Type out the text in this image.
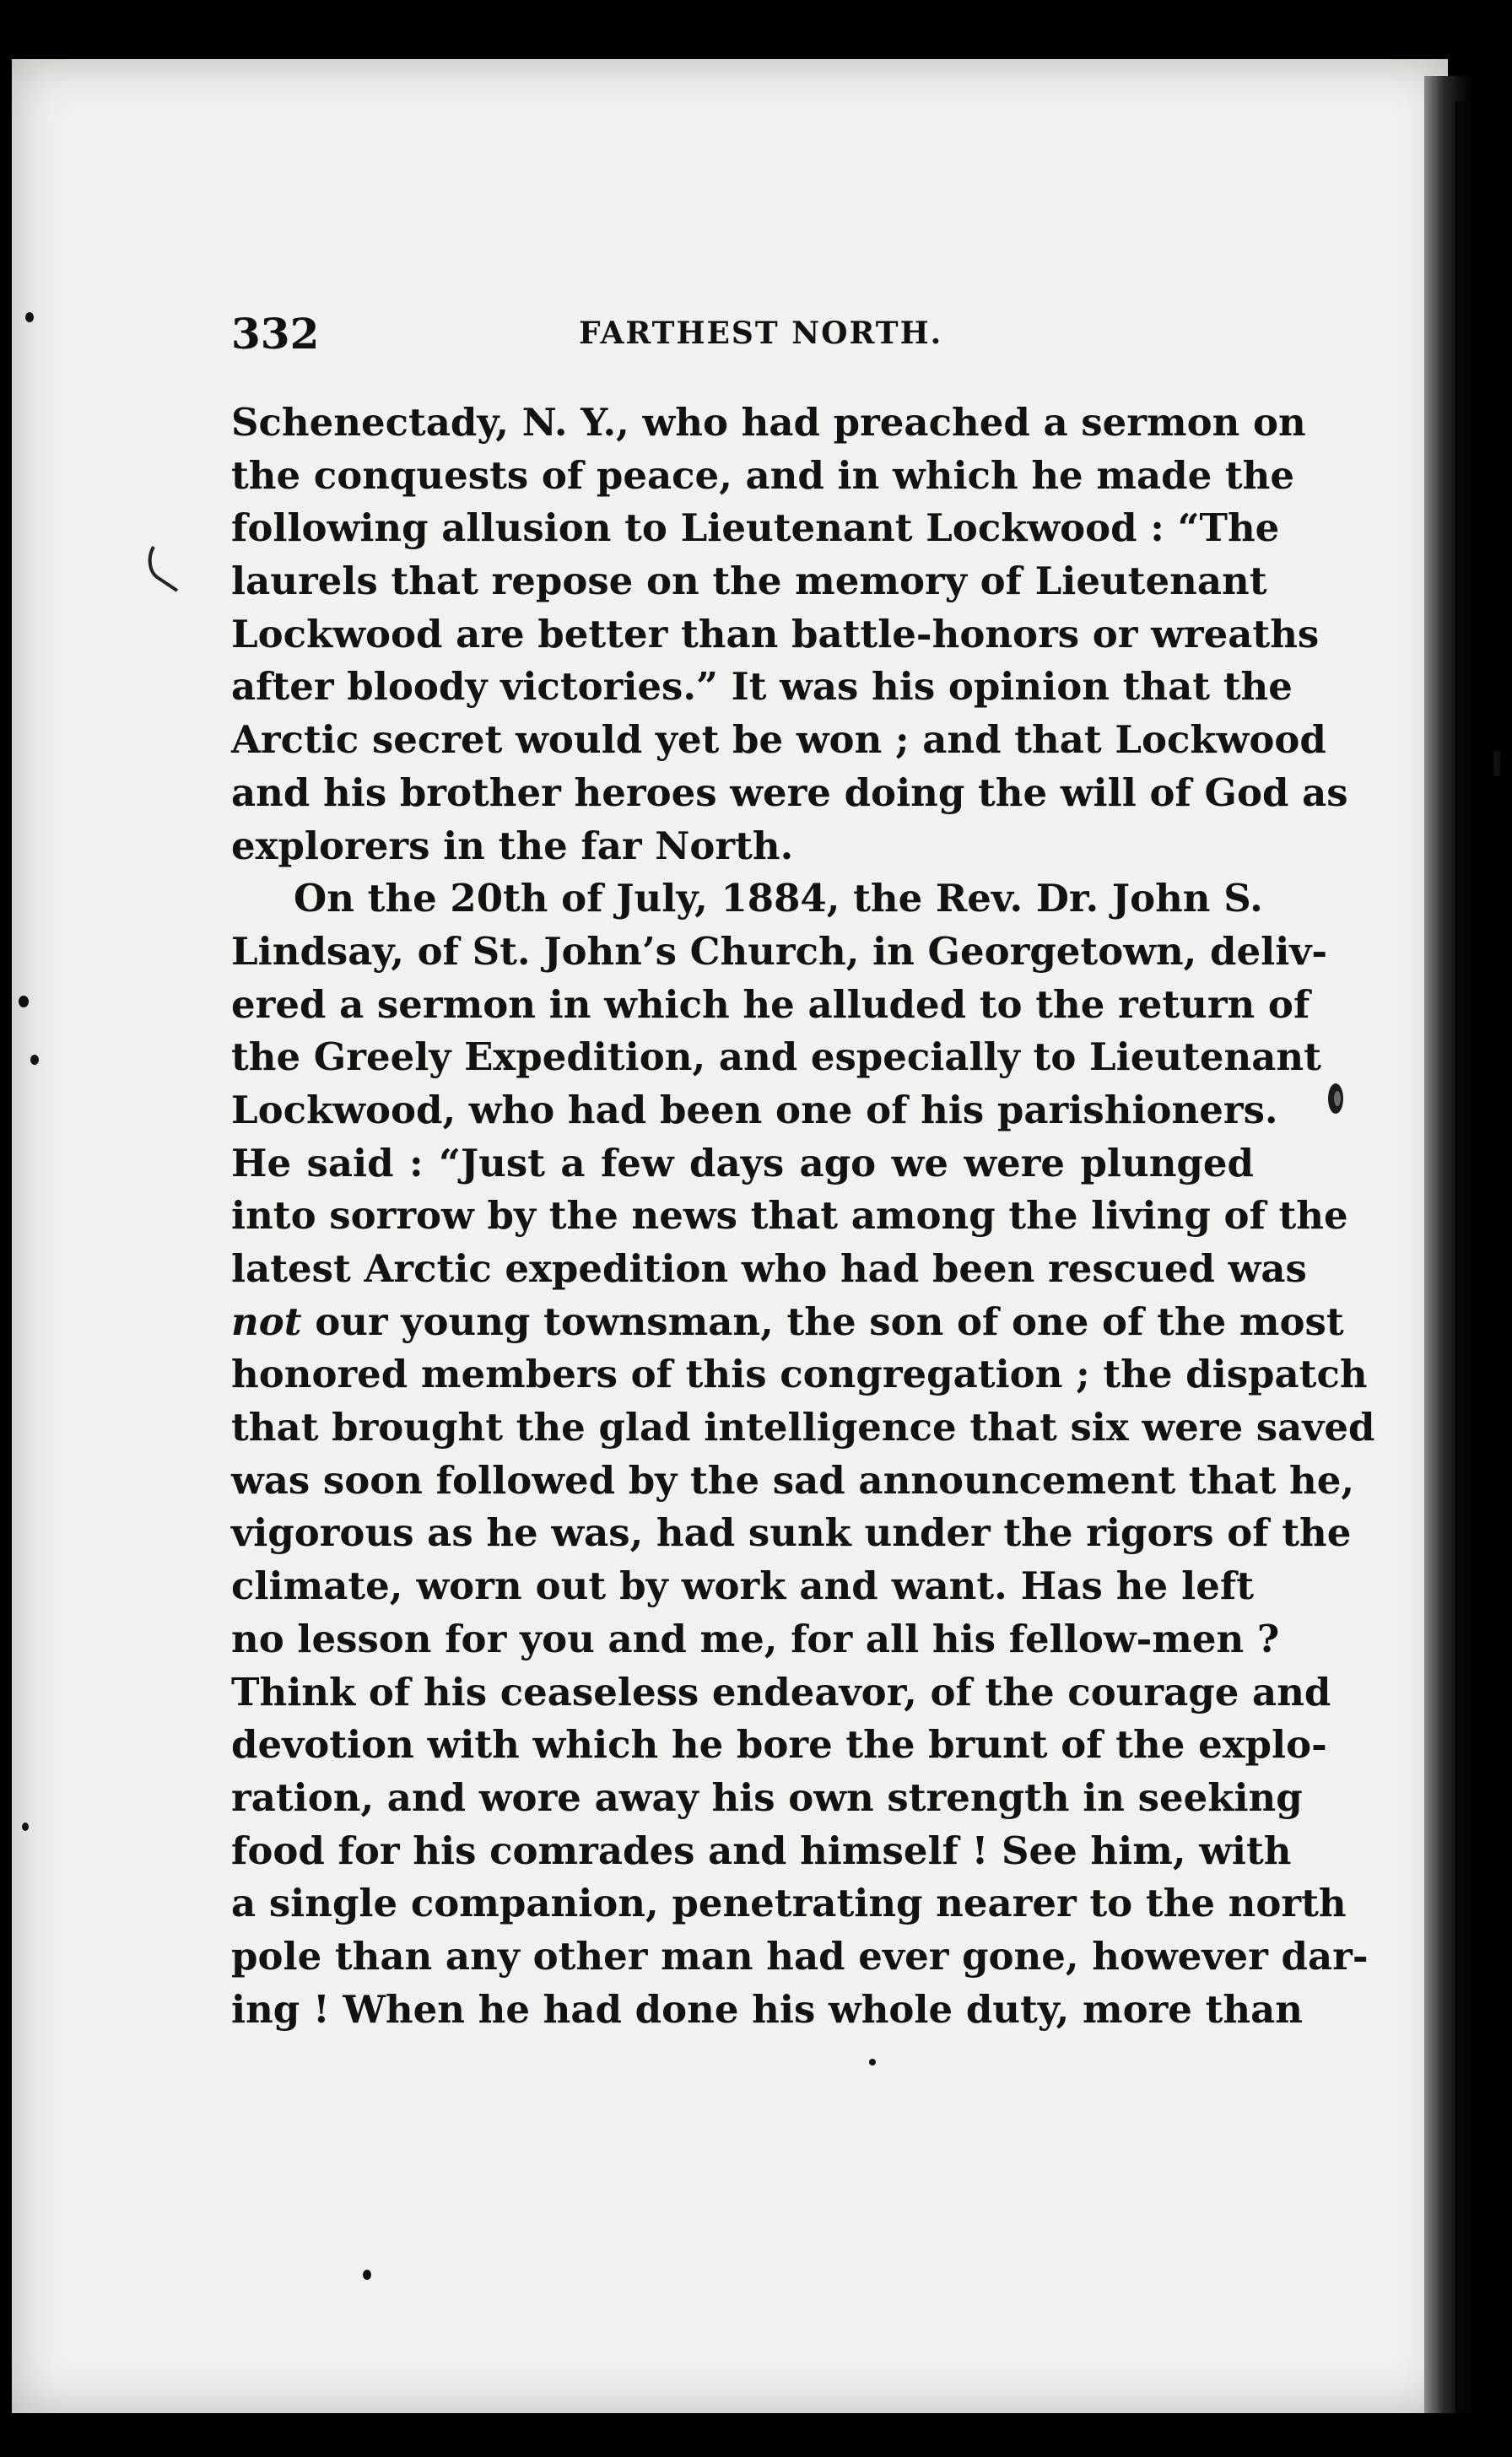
332	FARTHEST NORTH.
Schenectady, N. Y., who had preached a sermon on
the conquests of peace, and in which he made the
following allusion to Lieutenant Lockwood : “The
laurels that repose on the memory of Lieutenant
Lockwood are better than battle-honors or wreaths
after bloody victories.” It was his opinion that the
Arctic secret would yet be won ; and that Lockwood
and his brother heroes were doing the will of God as
explorers in the far North.
On the 20th of July, 1884, the Rev. Dr. John S.
Lindsay, of St. John’s Church, in Georgetown, deliv-
ered a sermon in which he alluded to the return of
the Greely Expedition, and especially to Lieutenant
Lockwood, who had been one of his parishioners.
He said : “Just a few days ago we were plunged
into sorrow by the news that among the living of the
latest Arctic expedition who had been rescued was
not our young townsman, the son of one of the most
honored members of this congregation ; the dispatch
that brought the glad intelligence that six were saved
was soon followed by the sad announcement that he,
vigorous as he was, had sunk under the rigors of the
climate, worn out by work and want. Has he left
no lesson for you and me, for all his fellow-men ?
Think of his ceaseless endeavor, of the courage and
devotion with which he bore the brunt of the explo-
ration, and wore away his own strength in seeking
food for his comrades and himself ! See him, with
a single companion, penetrating nearer to the north
pole than any other man had ever gone, however dar-
ing ! When he had done his whole duty, more than
